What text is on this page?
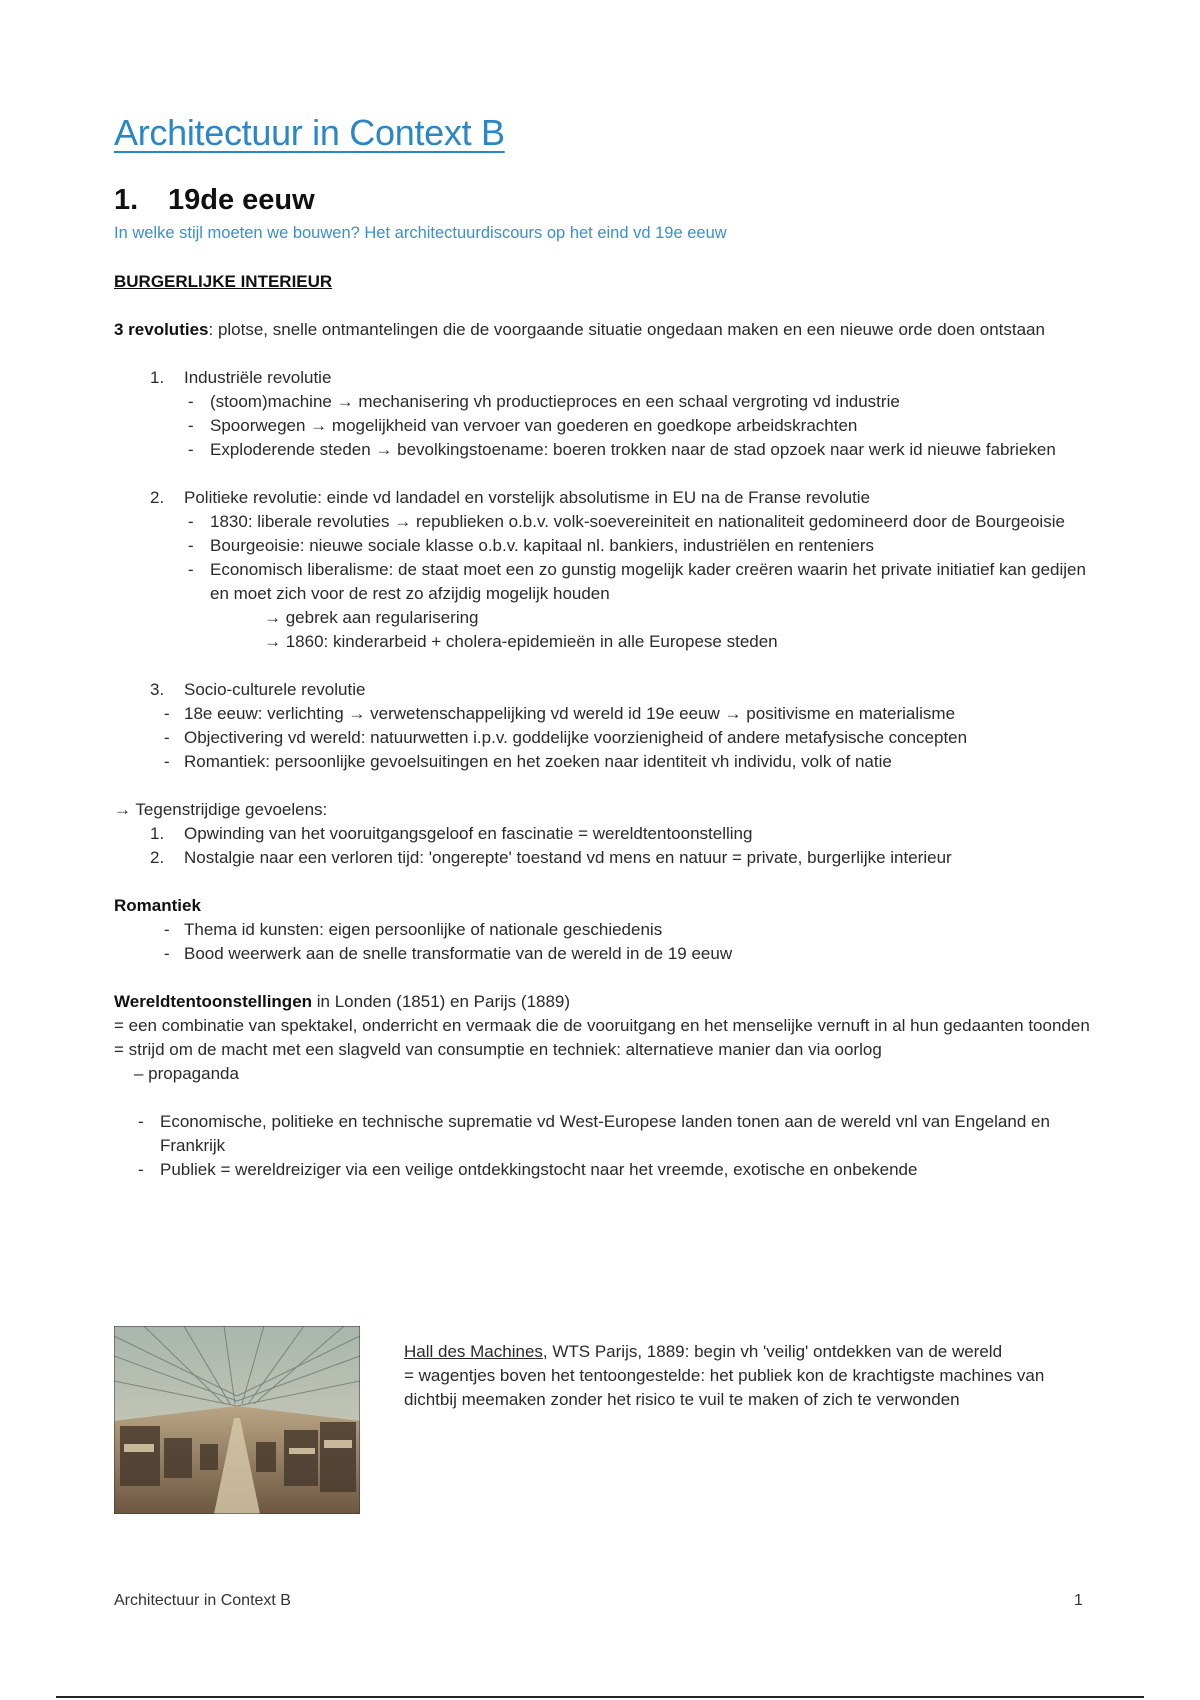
Architectuur in Context B
1. 19de eeuw
In welke stijl moeten we bouwen? Het architectuurdiscours op het eind vd 19e eeuw

BURGERLIJKE INTERIEUR

3 revoluties: plotse, snelle ontmantelingen die de voorgaande situatie ongedaan maken en een nieuwe orde doen ontstaan

1. Industriële revolutie
- (stoom)machine → mechanisering vh productieproces en een schaal vergroting vd industrie
- Spoorwegen → mogelijkheid van vervoer van goederen en goedkope arbeidskrachten
- Exploderende steden → bevolkingstoename: boeren trokken naar de stad opzoek naar werk id nieuwe fabrieken
2. Politieke revolutie: einde vd landadel en vorstelijk absolutisme in EU na de Franse revolutie
- 1830: liberale revoluties → republieken o.b.v. volk-soevereiniteit en nationaliteit gedomineerd door de Bourgeoisie
- Bourgeoisie: nieuwe sociale klasse o.b.v. kapitaal nl. bankiers, industriëlen en renteniers
- Economisch liberalisme: de staat moet een zo gunstig mogelijk kader creëren waarin het private initiatief kan gedijen en moet zich voor de rest zo afzijdig mogelijk houden
→ gebrek aan regularisering
→ 1860: kinderarbeid + cholera-epidemieën in alle Europese steden
3. Socio-culturele revolutie
- 18e eeuw: verlichting → verwetenschappelijking vd wereld id 19e eeuw → positivisme en materialisme
- Objectivering vd wereld: natuurwetten i.p.v. goddelijke voorzienigheid of andere metafysische concepten
- Romantiek: persoonlijke gevoelsuitingen en het zoeken naar identiteit vh individu, volk of natie

→ Tegenstrijdige gevoelens:

1. Opwinding van het vooruitgangsgeloof en fascinatie = wereldtentoonstelling
2. Nostalgie naar een verloren tijd: 'ongerepte' toestand vd mens en natuur = private, burgerlijke interieur

Romantiek

- Thema id kunsten: eigen persoonlijke of nationale geschiedenis
- Bood weerwerk aan de snelle transformatie van de wereld in de 19 eeuw

Wereldtentoonstellingen in Londen (1851) en Parijs (1889)

= een combinatie van spektakel, onderricht en vermaak die de vooruitgang en het menselijke vernuft in al hun gedaanten toonden

= strijd om de macht met een slagveld van consumptie en techniek: alternatieve manier dan via oorlog

– propaganda

- Economische, politieke en technische suprematie vd West-Europese landen tonen aan de wereld vnl van Engeland en Frankrijk
- Publiek = wereldreiziger via een veilige ontdekkingstocht naar het vreemde, exotische en onbekende
Hall des Machines, WTS Parijs, 1889: begin vh 'veilig' ontdekken van de wereld
= wagentjes boven het tentoongestelde: het publiek kon de krachtigste machines van dichtbij meemaken zonder het risico te vuil te maken of zich te verwonden
Architectuur in Context B	1
